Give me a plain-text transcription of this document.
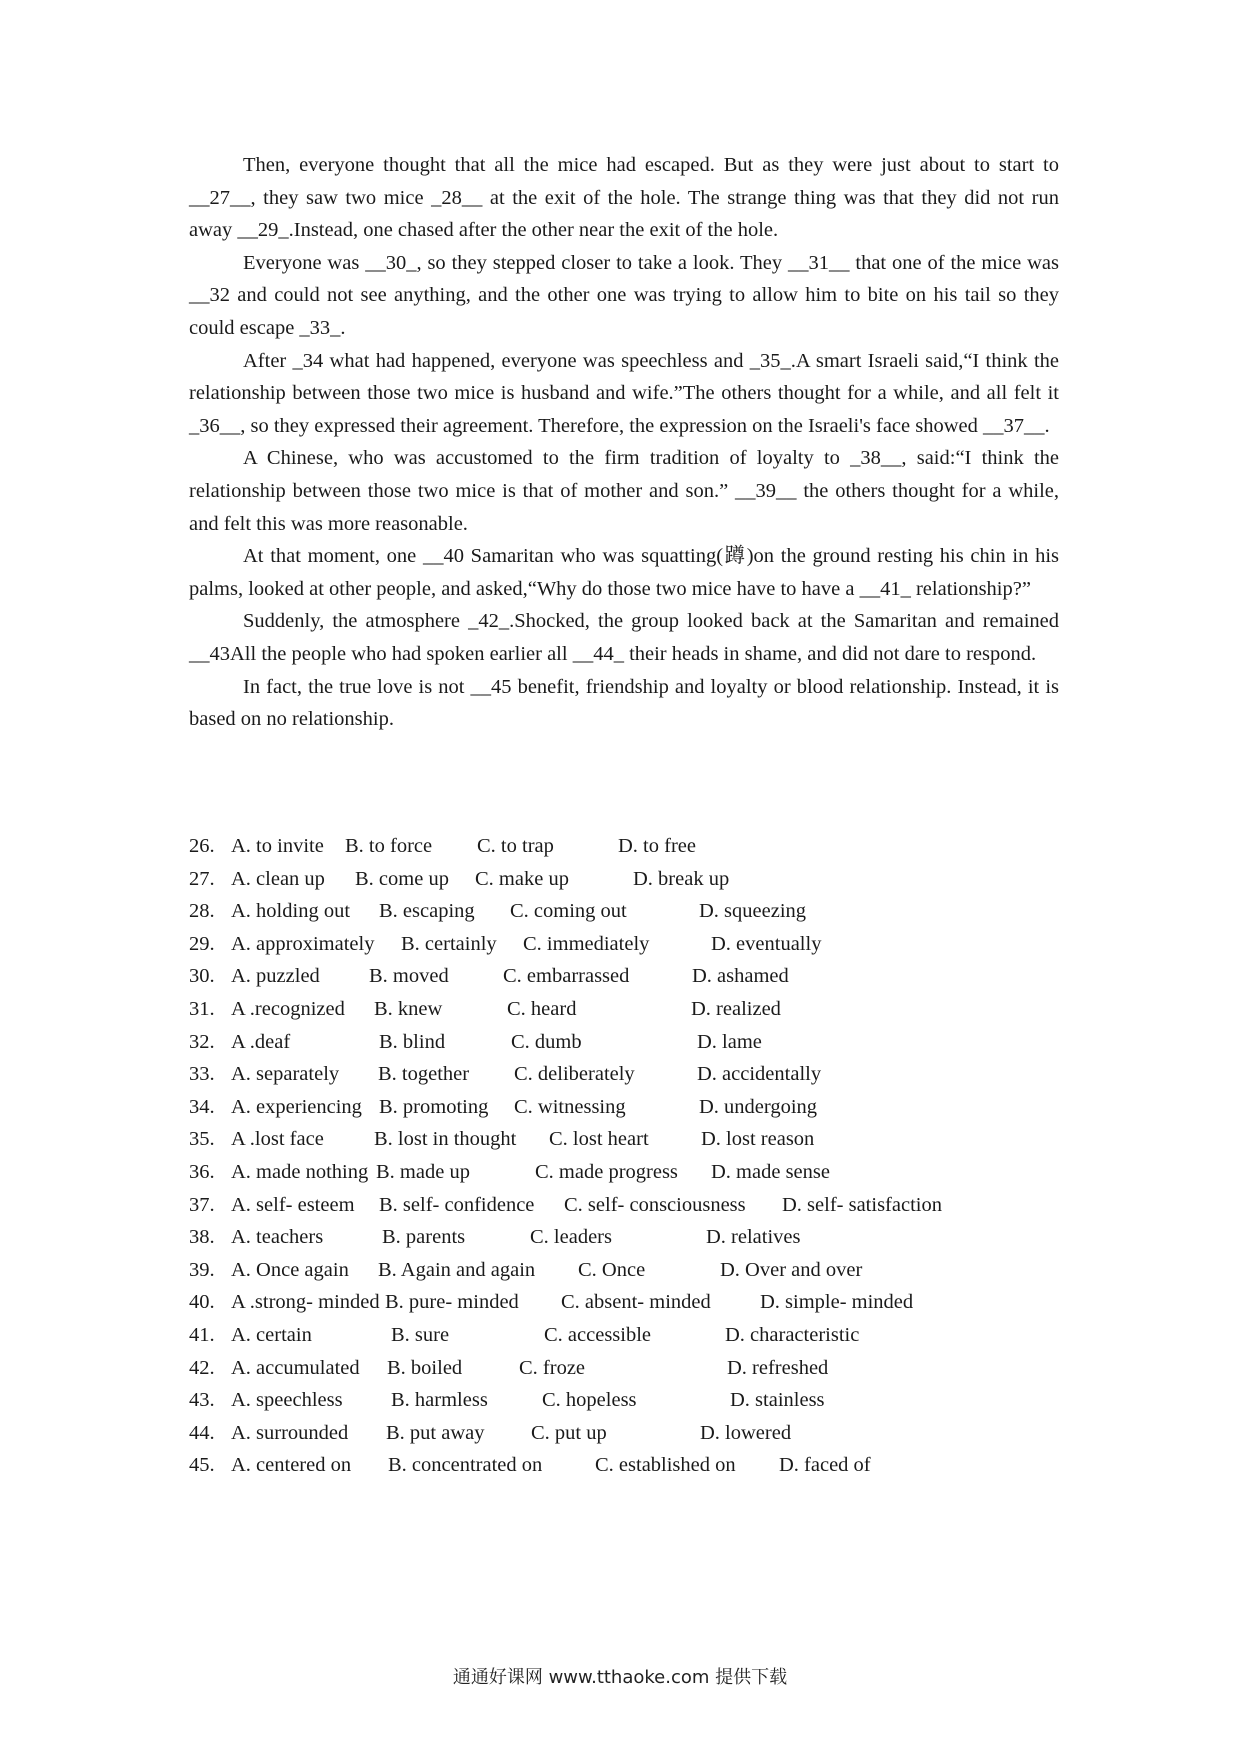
Then, everyone thought that all the mice had escaped. But as they were just about to start to __27__, they saw two mice _28__ at the exit of the hole. The strange thing was that they did not run away __29_.Instead, one chased after the other near the exit of the hole.

Everyone was __30_, so they stepped closer to take a look. They __31__ that one of the mice was __32 and could not see anything, and the other one was trying to allow him to bite on his tail so they could escape _33_.

After _34 what had happened, everyone was speechless and _35_.A smart Israeli said,“I think the relationship between those two mice is husband and wife.”The others thought for a while, and all felt it _36__, so they expressed their agreement. Therefore, the expression on the Israeli's face showed __37__.

A Chinese, who was accustomed to the firm tradition of loyalty to _38__, said:“I think the relationship between those two mice is that of mother and son.” __39__ the others thought for a while, and felt this was more reasonable.

At that moment, one __40 Samaritan who was squatting(蹲)on the ground resting his chin in his palms, looked at other people, and asked,“Why do those two mice have to have a __41_ relationship?”

Suddenly, the atmosphere _42_.Shocked, the group looked back at the Samaritan and remained __43All the people who had spoken earlier all __44_ their heads in shame, and did not dare to respond.

In fact, the true love is not __45 benefit, friendship and loyalty or blood relationship. Instead, it is based on no relationship.

26. A. to invite B. to force C. to trap	D. to free
27. A. clean up B. come up C. make up	D. break up
28. A. holding out B. escaping C. coming out	D. squeezing
29. A. approximately B. certainly C. immediately	D. eventually
30. A. puzzled B. moved	C. embarrassed	D. ashamed
31. A .recognized B. knew	C. heard	D. realized
32. A .deaf	B. blind	C. dumb	D. lame
33. A. separately B. together C. deliberately	D. accidentally
34. A. experiencing B. promoting C. witnessing	D. undergoing
35. A .lost face B. lost in thought C. lost heart	D. lost reason
36. A. made nothing B. made up	C. made progress D. made sense
37. A. self- esteem B. self- confidence C. self- consciousness D. self- satisfaction
38. A. teachers	B. parents	C. leaders	D. relatives
39. A. Once again B. Again and again C. Once	D. Over and over
40. A .strong- minded B. pure- minded C. absent- minded D. simple- minded
41. A. certain	B. sure	C. accessible	D. characteristic
42. A. accumulated B. boiled	C. froze	D. refreshed
43. A. speechless B. harmless	C. hopeless	D. stainless
44. A. surrounded B. put away C. put up	D. lowered
45. A. centered on B. concentrated on	C. established on D. faced of
通通好课网 www.tthaoke.com 提供下载
